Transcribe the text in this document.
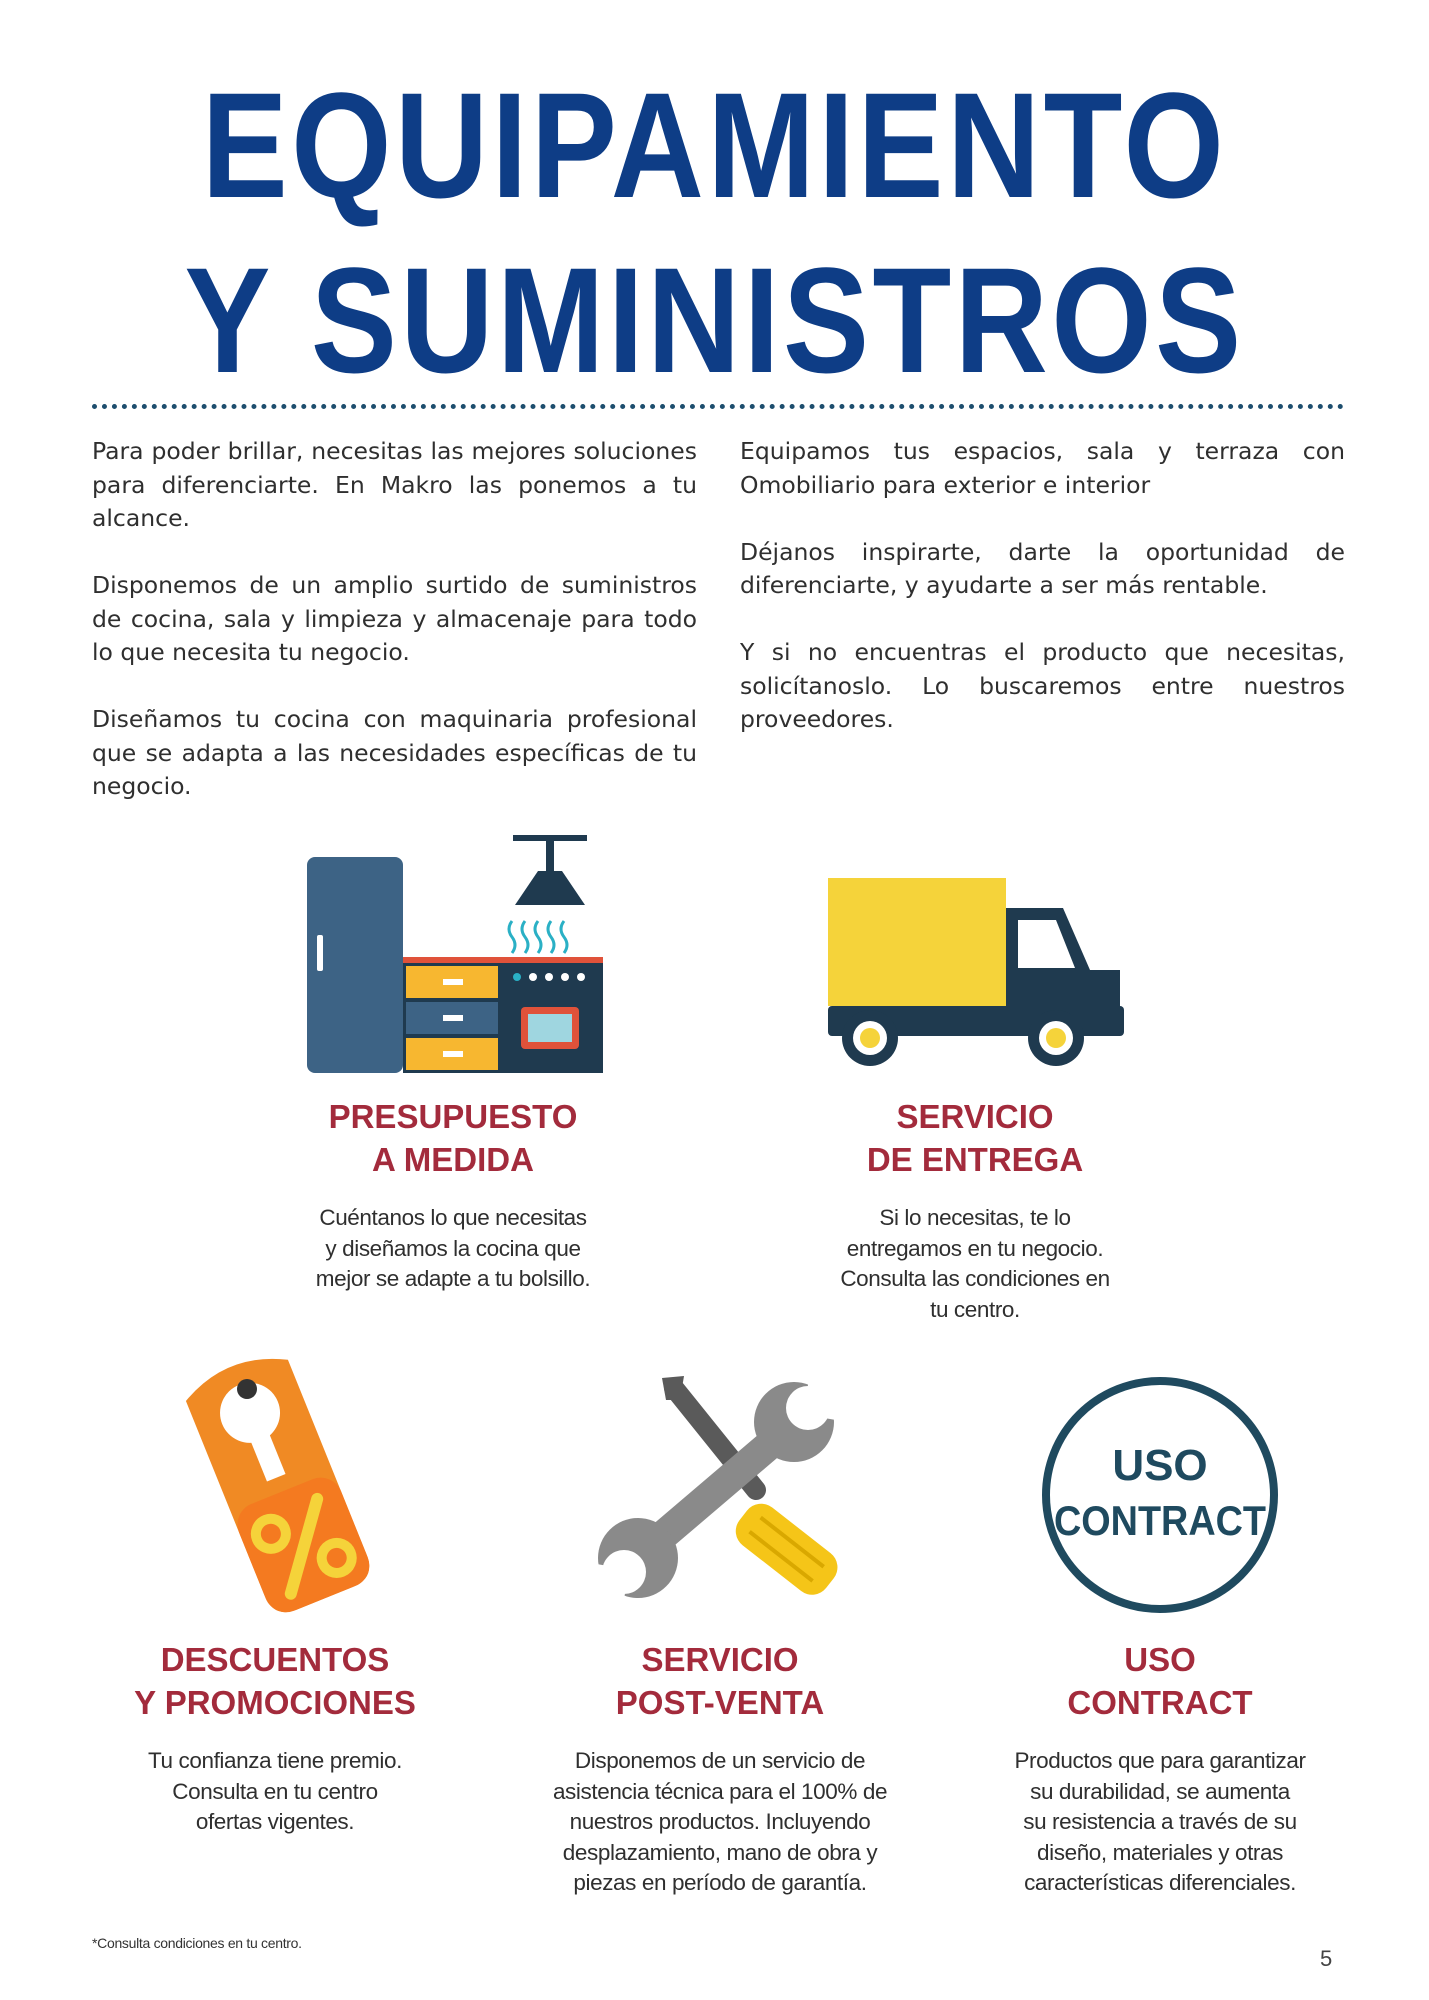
EQUIPAMIENTO
Y SUMINISTROS

Para poder brillar, necesitas las mejores soluciones para diferenciarte. En Makro las ponemos a tu alcance.

Disponemos de un amplio surtido de suministros de cocina, sala y limpieza y almacenaje para todo lo que necesita tu negocio.

Diseñamos tu cocina con maquinaria profesional que se adapta a las necesidades específicas de tu negocio.

Equipamos tus espacios, sala y terraza con Omobiliario para exterior e interior

Déjanos inspirarte, darte la oportunidad de diferenciarte, y ayudarte a ser más rentable.

Y si no encuentras el producto que necesitas, solicítanoslo. Lo buscaremos entre nuestros proveedores.

USO
CONTRACT
PRESUPUESTO
A MEDIDA

Cuéntanos lo que necesitas
y diseñamos la cocina que
mejor se adapte a tu bolsillo.

SERVICIO
DE ENTREGA

Si lo necesitas, te lo
entregamos en tu negocio.
Consulta las condiciones en
tu centro.

DESCUENTOS
Y PROMOCIONES

Tu confianza tiene premio.
Consulta en tu centro
ofertas vigentes.

SERVICIO
POST-VENTA

Disponemos de un servicio de
asistencia técnica para el 100% de
nuestros productos. Incluyendo
desplazamiento, mano de obra y
piezas en período de garantía.

USO
CONTRACT

Productos que para garantizar
su durabilidad, se aumenta
su resistencia a través de su
diseño, materiales y otras
características diferenciales.

*Consulta condiciones en tu centro.
5
